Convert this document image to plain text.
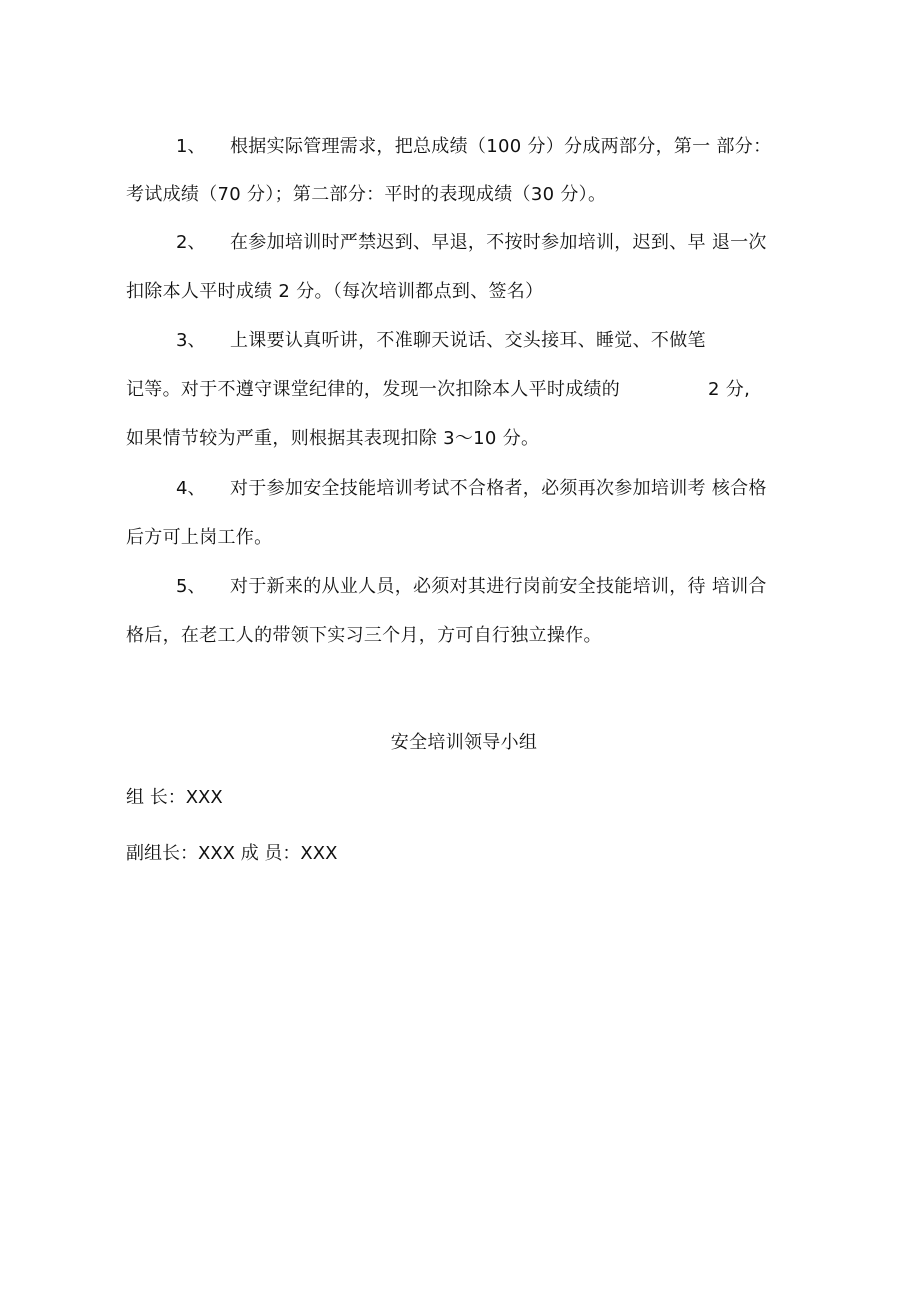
1、 根据实际管理需求，把总成绩（100 分）分成两部分，第一 部分：
考试成绩（70 分）；第二部分：平时的表现成绩（30 分）。
2、 在参加培训时严禁迟到、早退，不按时参加培训，迟到、早 退一次
扣除本人平时成绩 2 分。（每次培训都点到、签名）
3、 上课要认真听讲，不准聊天说话、交头接耳、睡觉、不做笔
记等。对于不遵守课堂纪律的，发现一次扣除本人平时成绩的	2 分,
如果情节较为严重，则根据其表现扣除 3〜10 分。
4、 对于参加安全技能培训考试不合格者，必须再次参加培训考 核合格
后方可上岗工作。
5、 对于新来的从业人员，必须对其进行岗前安全技能培训，待 培训合
格后，在老工人的带领下实习三个月，方可自行独立操作。
安全培训领导小组
组 长：XXX
副组长：XXX 成 员：XXX
